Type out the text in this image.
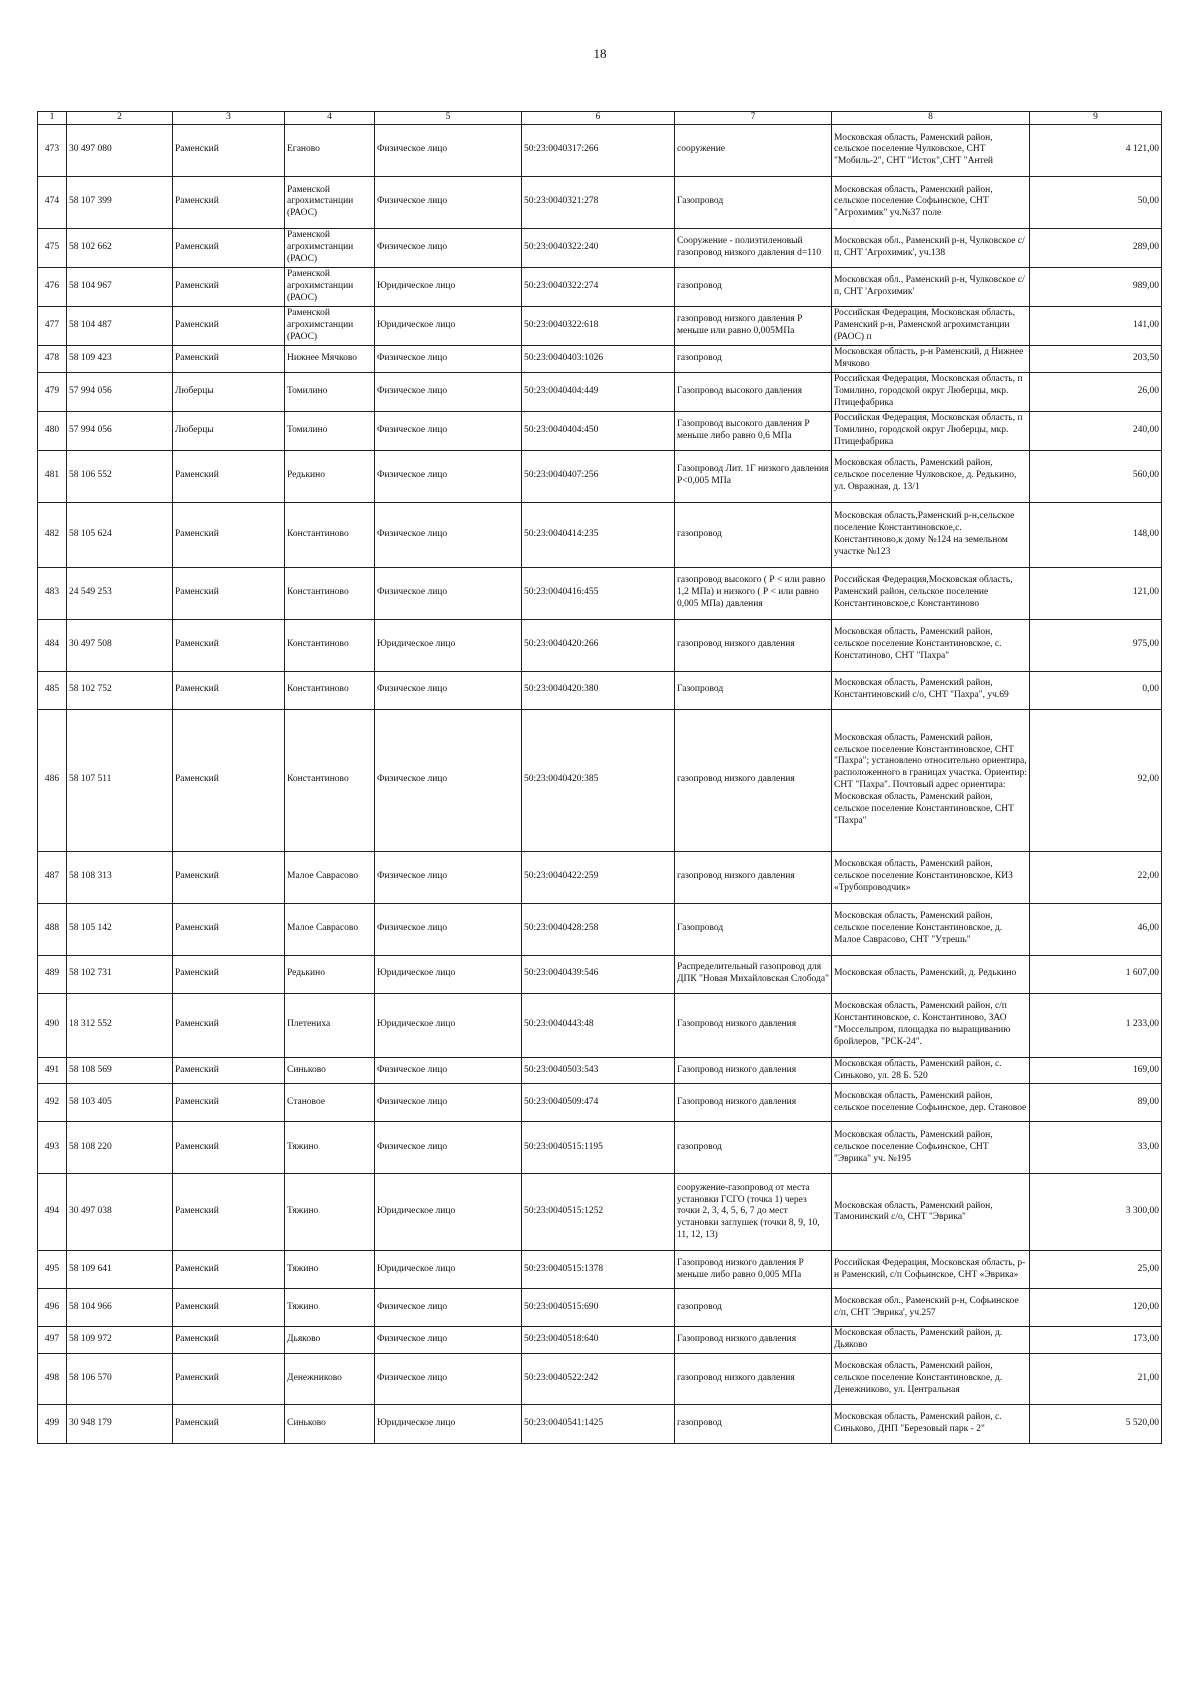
18
1	2	3	4	5	6	7	8	9
473	30 497 080	Раменский	Еганово	Физическое лицо	50:23:0040317:266	сооружение	Московская область, Раменский район, сельское поселение Чулковское, СНТ "Мобиль-2", СНТ "Исток",СНТ "Антей	4 121,00
474	58 107 399	Раменский	Раменской агрохимстанции (РАОС)	Физическое лицо	50:23:0040321:278	Газопровод	Московская область, Раменский район, сельское поселение Софьинское, СНТ "Агрохимик" уч.№37 поле	50,00
475	58 102 662	Раменский	Раменской агрохимстанции (РАОС)	Физическое лицо	50:23:0040322:240	Сооружение - полиэтиленовый газопровод низкого давления d=110	Московская обл., Раменский р-н, Чулковское с/п, СНТ 'Агрохимик', уч.138	289,00
476	58 104 967	Раменский	Раменской агрохимстанции (РАОС)	Юридическое лицо	50:23:0040322:274	газопровод	Московская обл., Раменский р-н, Чулковское с/п, СНТ 'Агрохимик'	989,00
477	58 104 487	Раменский	Раменской агрохимстанции (РАОС)	Юридическое лицо	50:23:0040322:618	газопровод низкого давления Р меньше или равно 0,005МПа	Российская Федерация, Московская область, Раменский р-н, Раменской агрохимстанции (РАОС) п	141,00
478	58 109 423	Раменский	Нижнее Мячково	Физическое лицо	50:23:0040403:1026	газопровод	Московская область, р-н Раменский, д Нижнее Мячково	203,50
479	57 994 056	Люберцы	Томилино	Физическое лицо	50:23:0040404:449	Газопровод высокого давления	Российская Федерация, Московская область, п Томилино, городской округ Люберцы, мкр. Птицефабрика	26,00
480	57 994 056	Люберцы	Томилино	Физическое лицо	50:23:0040404:450	Газопровод высокого давления Р меньше либо равно 0,6 МПа	Российская Федерация, Московская область, п Томилино, городской округ Люберцы, мкр. Птицефабрика	240,00
481	58 106 552	Раменский	Редькино	Физическое лицо	50:23:0040407:256	Газопровод Лит. 1Г низкого давления Р<0,005 МПа	Московская область, Раменский район, сельское поселение Чулковское, д. Редькино, ул. Овражная, д. 13/1	560,00
482	58 105 624	Раменский	Константиново	Физическое лицо	50:23:0040414:235	газопровод	Московская область,Раменский р-н,сельское поселение Константиновское,с. Константиново,к дому №124 на земельном участке №123	148,00
483	24 549 253	Раменский	Константиново	Физическое лицо	50:23:0040416:455	газопровод высокого ( Р < или равно 1,2 МПа) и низкого ( Р < или равно 0,005 МПа) давления	Российская Федерация,Московская область, Раменский район, сельское поселение Константиновское,с Константиново	121,00
484	30 497 508	Раменский	Константиново	Юридическое лицо	50:23:0040420:266	газопровод низкого давления	Московская область, Раменский район, сельское поселение Константиновское, с. Констатиново, СНТ "Пахра"	975,00
485	58 102 752	Раменский	Константиново	Физическое лицо	50:23:0040420:380	Газопровод	Московская область, Раменский район, Константиновский с/о, СНТ "Пахра", уч.69	0,00
486	58 107 511	Раменский	Константиново	Физическое лицо	50:23:0040420:385	газопровод низкого давления	Московская область, Раменский район, сельское поселение Константиновское, СНТ "Пахра"; установлено относительно ориентира, расположенного в границах участка. Ориентир: СНТ "Пахра". Почтовый адрес ориентира: Московская область, Раменский район, сельское поселение Константиновское, СНТ "Пахра"	92,00
487	58 108 313	Раменский	Малое Саврасово	Физическое лицо	50:23:0040422:259	газопровод низкого давления	Московская область, Раменский район, сельское поселение Константиновское, КИЗ «Трубопроводчик»	22,00
488	58 105 142	Раменский	Малое Саврасово	Физическое лицо	50:23:0040428:258	Газопровод	Московская область, Раменский район, сельское поселение Константиновское, д. Малое Саврасово, СНТ "Утрешь"	46,00
489	58 102 731	Раменский	Редькино	Юридическое лицо	50:23:0040439:546	Распределительный газопровод для ДПК "Новая Михайловская Слобода"	Московская область, Раменский, д. Редькино	1 607,00
490	18 312 552	Раменский	Плетениха	Юридическое лицо	50:23:0040443:48	Газопровод низкого давления	Московская область, Раменский район, с/п Константиновское, с. Константиново, ЗАО "Моссельпром, площадка по выращиванию бройлеров, "РСК-24".	1 233,00
491	58 108 569	Раменский	Синьково	Физическое лицо	50:23:0040503:543	Газопровод низкого давления	Московская область, Раменский район, с. Синьково, ул. 28 Б. 520	169,00
492	58 103 405	Раменский	Становое	Физическое лицо	50:23:0040509:474	Газопровод низкого давления	Московская область, Раменский район, сельское поселение Софьинское, дер. Становое	89,00
493	58 108 220	Раменский	Тяжино	Физическое лицо	50:23:0040515:1195	газопровод	Московская область, Раменский район, сельское поселение Софьинское, СНТ "Эврика" уч. №195	33,00
494	30 497 038	Раменский	Тяжино	Юридическое лицо	50:23:0040515:1252	сооружение-газопровод от места установки ГСГО (точка 1) через точки 2, 3, 4, 5, 6, 7 до мест установки заглушек (точки 8, 9, 10, 11, 12, 13)	Московская область, Раменский район, Тамонинский с/о, СНТ "Эврика"	3 300,00
495	58 109 641	Раменский	Тяжино	Юридическое лицо	50:23:0040515:1378	Газопровод низкого давления Р меньше либо равно 0,005 МПа	Российская Федерация, Московская область, р-н Раменский, с/п Софьинское, СНТ «Эврика»	25,00
496	58 104 966	Раменский	Тяжино	Физическое лицо	50:23:0040515:690	газопровод	Московская обл., Раменский р-н, Софьинское с/п, СНТ 'Эврика', уч.257	120,00
497	58 109 972	Раменский	Дьяково	Физическое лицо	50:23:0040518:640	Газопровод низкого давления	Московская область, Раменский район, д. Дьяково	173,00
498	58 106 570	Раменский	Денежниково	Физическое лицо	50:23:0040522:242	газопровод низкого давления	Московская область, Раменский район, сельское поселение Константиновское, д. Денежниково, ул. Центральная	21,00
499	30 948 179	Раменский	Синьково	Юридическое лицо	50:23:0040541:1425	газопровод	Московская область, Раменский район, с. Синьково, ДНП "Березовый парк - 2"	5 520,00
